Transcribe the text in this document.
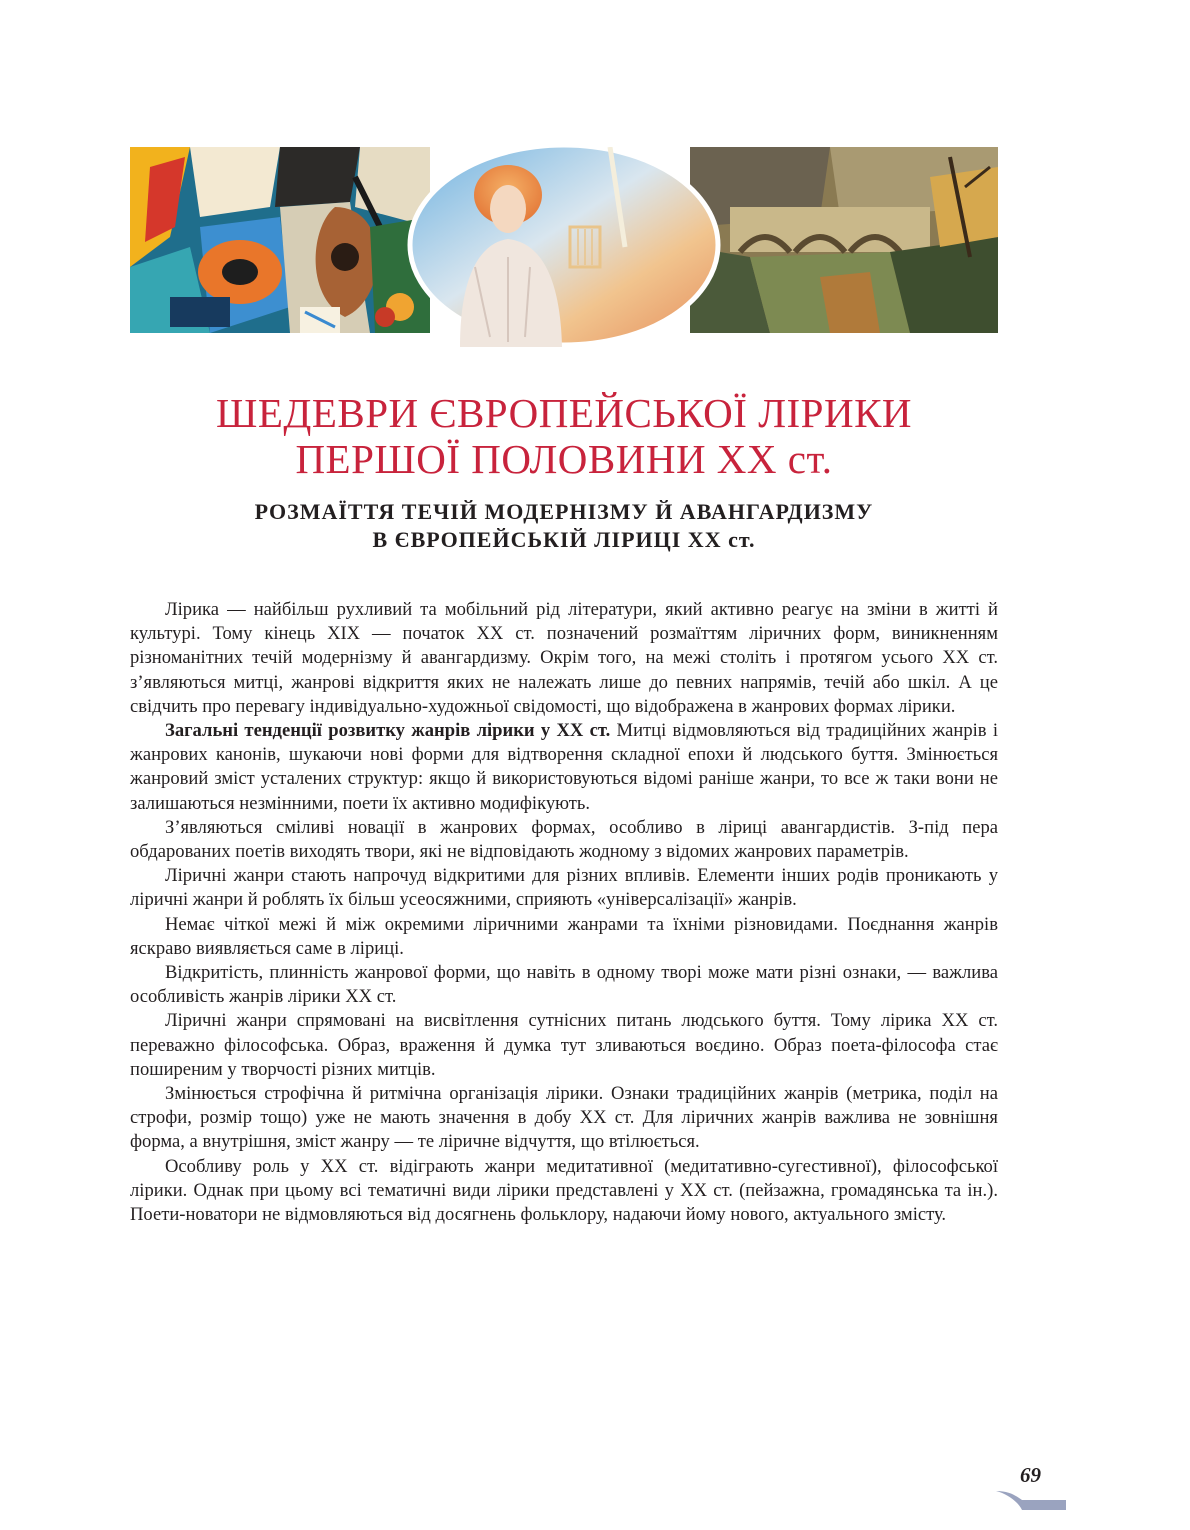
ШЕДЕВРИ ЄВРОПЕЙСЬКОЇ ЛІРИКИ
ПЕРШОЇ ПОЛОВИНИ XX ст.
РОЗМАЇТТЯ ТЕЧІЙ МОДЕРНІЗМУ Й АВАНГАРДИЗМУ
В ЄВРОПЕЙСЬКІЙ ЛІРИЦІ XX ст.

Лірика — найбільш рухливий та мобільний рід літератури, який активно реагує на зміни в житті й культурі. Тому кінець XIX — початок XX ст. позначений розмаїттям ліричних форм, виникненням різноманітних течій модернізму й авангардизму. Окрім того, на межі століть і протягом усього XX ст. з’являються митці, жанрові відкриття яких не належать лише до певних напрямів, течій або шкіл. А це свідчить про перевагу індивідуально-художньої свідомості, що відображена в жанрових формах лірики.

Загальні тенденції розвитку жанрів лірики у XX ст. Митці відмовляються від традиційних жанрів і жанрових канонів, шукаючи нові форми для відтворення складної епохи й людського буття. Змінюється жанровий зміст усталених структур: якщо й використовуються відомі раніше жанри, то все ж таки вони не залишаються незмінними, поети їх активно модифікують.

З’являються сміливі новації в жанрових формах, особливо в ліриці авангардистів. З-під пера обдарованих поетів виходять твори, які не відповідають жодному з відомих жанрових параметрів.

Ліричні жанри стають напрочуд відкритими для різних впливів. Елементи інших родів проникають у ліричні жанри й роблять їх більш усеосяжними, сприяють «універсалізації» жанрів.

Немає чіткої межі й між окремими ліричними жанрами та їхніми різновидами. Поєднання жанрів яскраво виявляється саме в ліриці.

Відкритість, плинність жанрової форми, що навіть в одному творі може мати різні ознаки, — важлива особливість жанрів лірики XX ст.

Ліричні жанри спрямовані на висвітлення сутнісних питань людського буття. Тому лірика XX ст. переважно філософська. Образ, враження й думка тут зливаються воєдино. Образ поета-філософа стає поширеним у творчості різних митців.

Змінюється строфічна й ритмічна організація лірики. Ознаки традиційних жанрів (метрика, поділ на строфи, розмір тощо) уже не мають значення в добу XX ст. Для ліричних жанрів важлива не зовнішня форма, а внутрішня, зміст жанру — те ліричне відчуття, що втілюється.

Особливу роль у XX ст. відіграють жанри медитативної (медитативно-сугестивної), філософської лірики. Однак при цьому всі тематичні види лірики представлені у XX ст. (пейзажна, громадянська та ін.). Поети-новатори не відмовляються від досягнень фольклору, надаючи йому нового, актуального змісту.

69
